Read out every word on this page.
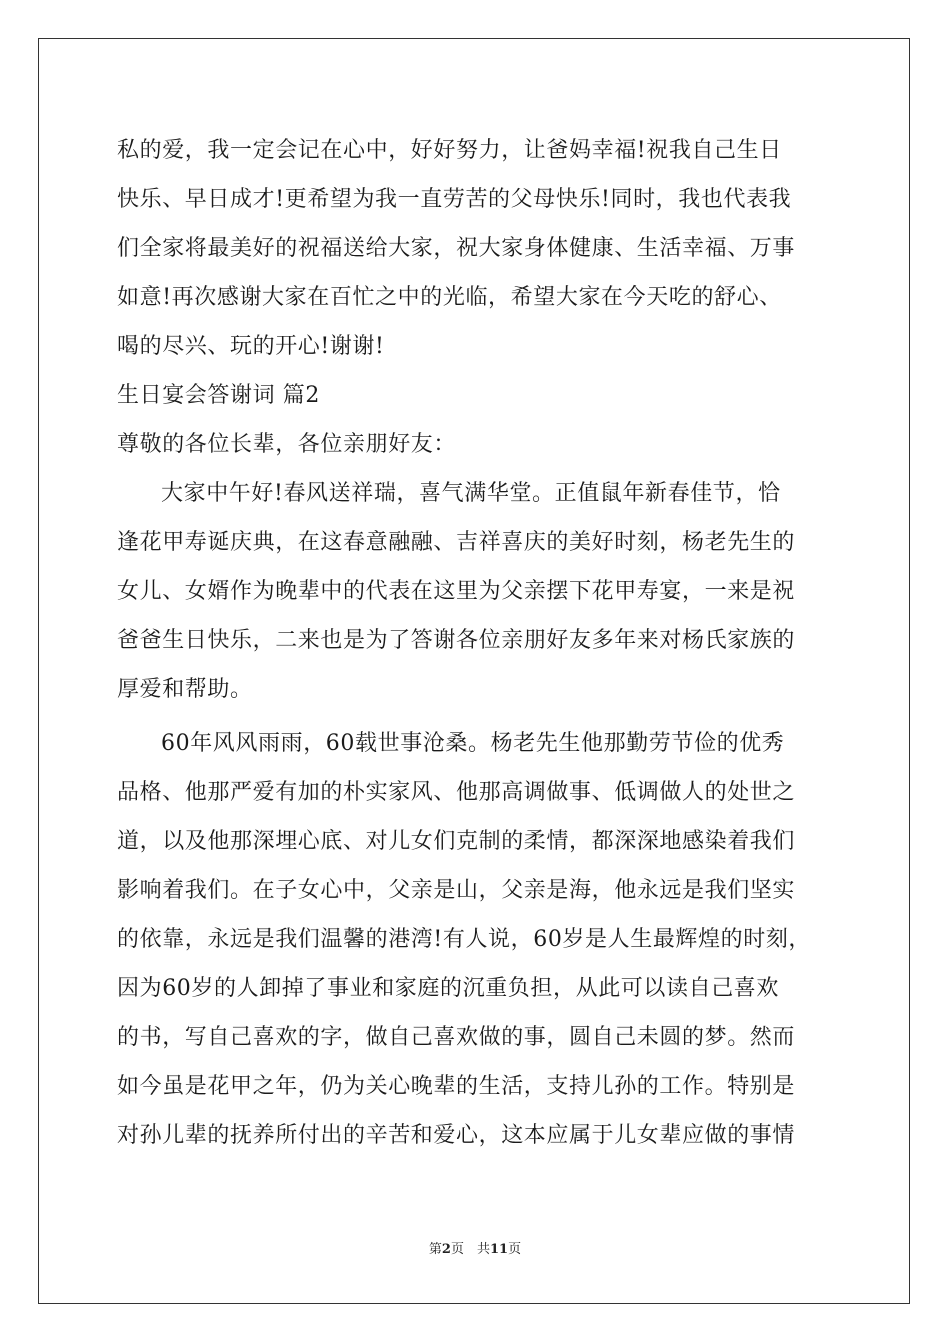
私的爱，我一定会记在心中，好好努力，让爸妈幸福!祝我自己生日
快乐、早日成才!更希望为我一直劳苦的父母快乐!同时，我也代表我
们全家将最美好的祝福送给大家，祝大家身体健康、生活幸福、万事
如意!再次感谢大家在百忙之中的光临，希望大家在今天吃的舒心、
喝的尽兴、玩的开心!谢谢!
生日宴会答谢词 篇2
尊敬的各位长辈，各位亲朋好友：
大家中午好!春风送祥瑞，喜气满华堂。正值鼠年新春佳节，恰
逢花甲寿诞庆典，在这春意融融、吉祥喜庆的美好时刻，杨老先生的
女儿、女婿作为晚辈中的代表在这里为父亲摆下花甲寿宴，一来是祝
爸爸生日快乐，二来也是为了答谢各位亲朋好友多年来对杨氏家族的
厚爱和帮助。
60年风风雨雨，60载世事沧桑。杨老先生他那勤劳节俭的优秀
品格、他那严爱有加的朴实家风、他那高调做事、低调做人的处世之
道，以及他那深埋心底、对儿女们克制的柔情，都深深地感染着我们
影响着我们。在子女心中，父亲是山，父亲是海，他永远是我们坚实
的依靠，永远是我们温馨的港湾!有人说，60岁是人生最辉煌的时刻，
因为60岁的人卸掉了事业和家庭的沉重负担，从此可以读自己喜欢
的书，写自己喜欢的字，做自己喜欢做的事，圆自己未圆的梦。然而
如今虽是花甲之年，仍为关心晚辈的生活，支持儿孙的工作。特别是
对孙儿辈的抚养所付出的辛苦和爱心，这本应属于儿女辈应做的事情
第2页　共11页
